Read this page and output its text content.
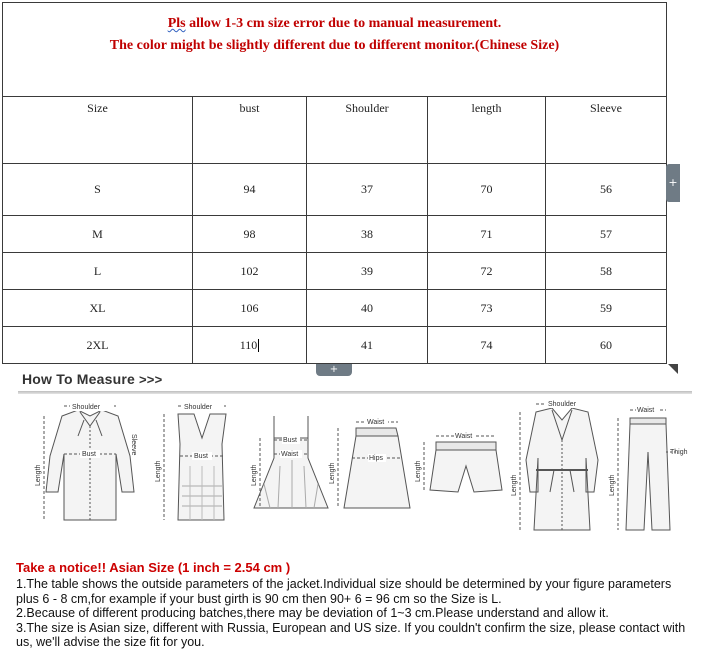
Pls allow 1-3 cm size error due to manual measurement.
The color might be slightly different due to different monitor.(Chinese Size)				

Size	bust	Shoulder	length	Sleeve
S	94	37	70	56
M	98	38	71	57
L	102	39	72	58
XL	106	40	73	59
2XL	110	41	74	60
+
+
How To Measure >>>
Shoulder
Bust
Length
Sleeve
Shoulder
Bust
Length
Bust
Waist
Length
Waist
Hips
Length
Waist
Length
Shoulder
Length
Waist
Thigh
Length
Take a notice!! Asian Size (1 inch = 2.54 cm )

1.The table shows the outside parameters of the jacket.Individual size should be determined by your figure parameters plus 6 - 8 cm,for example if your bust girth is 90 cm then 90+ 6 = 96 cm so the Size is L.

2.Because of different producing batches,there may be deviation of 1~3 cm.Please understand and allow it.

3.The size is Asian size, different with Russia, European and US size. If you couldn't confirm the size, please contact with us, we'll advise the size fit for you.
